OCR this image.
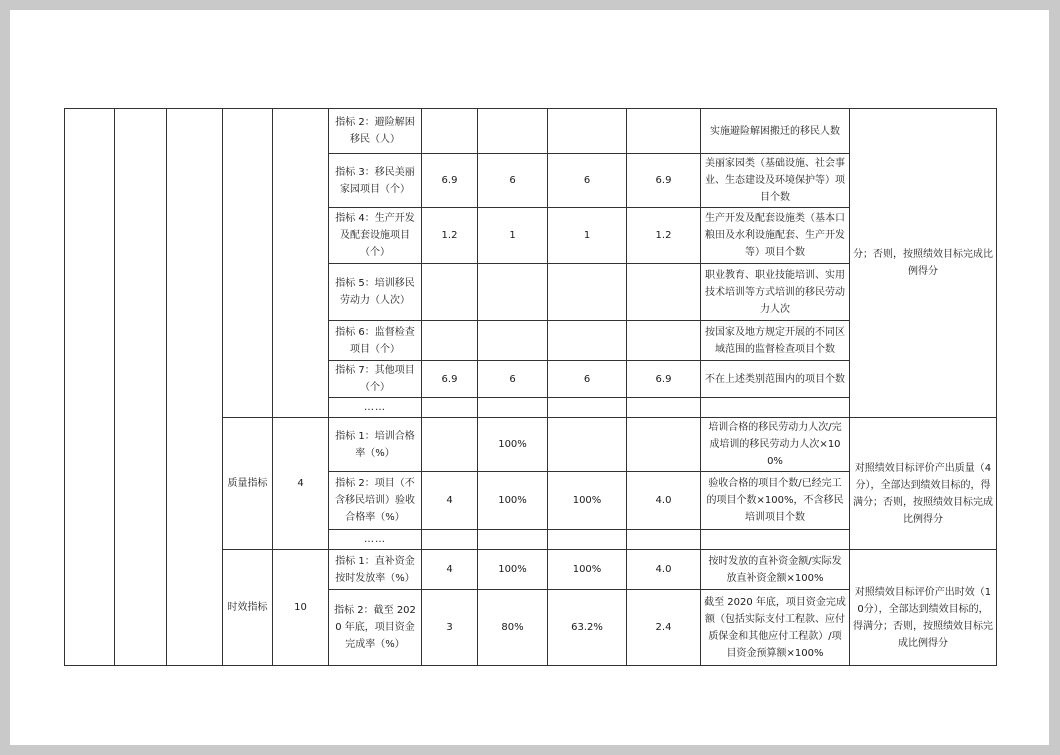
					指标 2：避险解困移民（人）					实施避险解困搬迁的移民人数	分；否则，按照绩效目标完成比例得分
					指标 3：移民美丽家园项目（个）	6.9	6	6	6.9	美丽家园类（基础设施、社会事业、生态建设及环境保护等）项目个数	
					指标 4：生产开发及配套设施项目（个）	1.2	1	1	1.2	生产开发及配套设施类（基本口粮田及水利设施配套、生产开发等）项目个数	
					指标 5：培训移民劳动力（人次）					职业教育、职业技能培训、实用技术培训等方式培训的移民劳动力人次	
					指标 6：监督检查项目（个）					按国家及地方规定开展的不同区域范围的监督检查项目个数	
					指标 7：其他项目（个）	6.9	6	6	6.9	不在上述类别范围内的项目个数	
					……						
			质量指标	4	指标 1：培训合格率（%）		100%			培训合格的移民劳动力人次/完成培训的移民劳动力人次×100%	对照绩效目标评价产出质量（4分），全部达到绩效目标的，得满分；否则，按照绩效目标完成比例得分
					指标 2：项目（不含移民培训）验收合格率（%）	4	100%	100%	4.0	验收合格的项目个数/已经完工的项目个数×100%，不含移民培训项目个数	
					……						
			时效指标	10	指标 1：直补资金按时发放率（%）	4	100%	100%	4.0	按时发放的直补资金额/实际发放直补资金额×100%	对照绩效目标评价产出时效（10分），全部达到绩效目标的，得满分；否则，按照绩效目标完成比例得分
					指标 2：截至 2020 年底，项目资金完成率（%）	3	80%	63.2%	2.4	截至 2020 年底，项目资金完成额（包括实际支付工程款、应付质保金和其他应付工程款）/项目资金预算额×100%	
